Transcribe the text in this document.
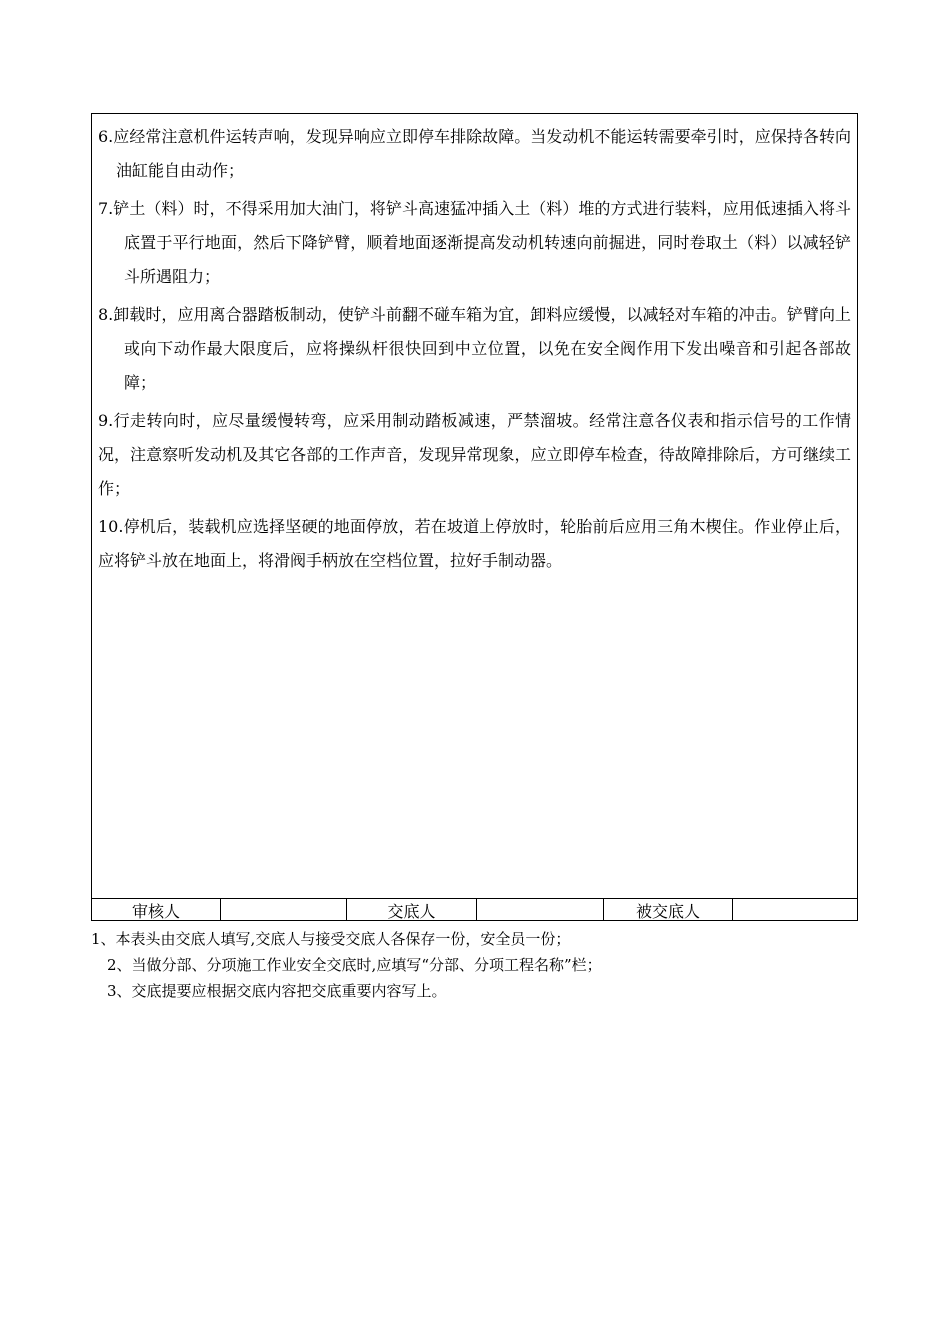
6.应经常注意机件运转声响，发现异响应立即停车排除故障。当发动机不能运转需要牵引时，应保持各转向油缸能自由动作；

7.铲土（料）时，不得采用加大油门，将铲斗高速猛冲插入土（料）堆的方式进行装料，应用低速插入将斗底置于平行地面，然后下降铲臂，顺着地面逐渐提高发动机转速向前掘进，同时卷取土（料）以减轻铲斗所遇阻力；

8.卸载时，应用离合器踏板制动，使铲斗前翻不碰车箱为宜，卸料应缓慢，以减轻对车箱的冲击。铲臂向上或向下动作最大限度后，应将操纵杆很快回到中立位置，以免在安全阀作用下发出噪音和引起各部故障；

9.行走转向时，应尽量缓慢转弯，应采用制动踏板减速，严禁溜坡。经常注意各仪表和指示信号的工作情况，注意察听发动机及其它各部的工作声音，发现异常现象，应立即停车检查，待故障排除后，方可继续工作；

10.停机后，装载机应选择坚硬的地面停放，若在坡道上停放时，轮胎前后应用三角木楔住。作业停止后，应将铲斗放在地面上，将滑阀手柄放在空档位置，拉好手制动器。

审核人	交底人	被交底人

1、本表头由交底人填写,交底人与接受交底人各保存一份，安全员一份；

2、当做分部、分项施工作业安全交底时,应填写“分部、分项工程名称”栏；

3、交底提要应根据交底内容把交底重要内容写上。
